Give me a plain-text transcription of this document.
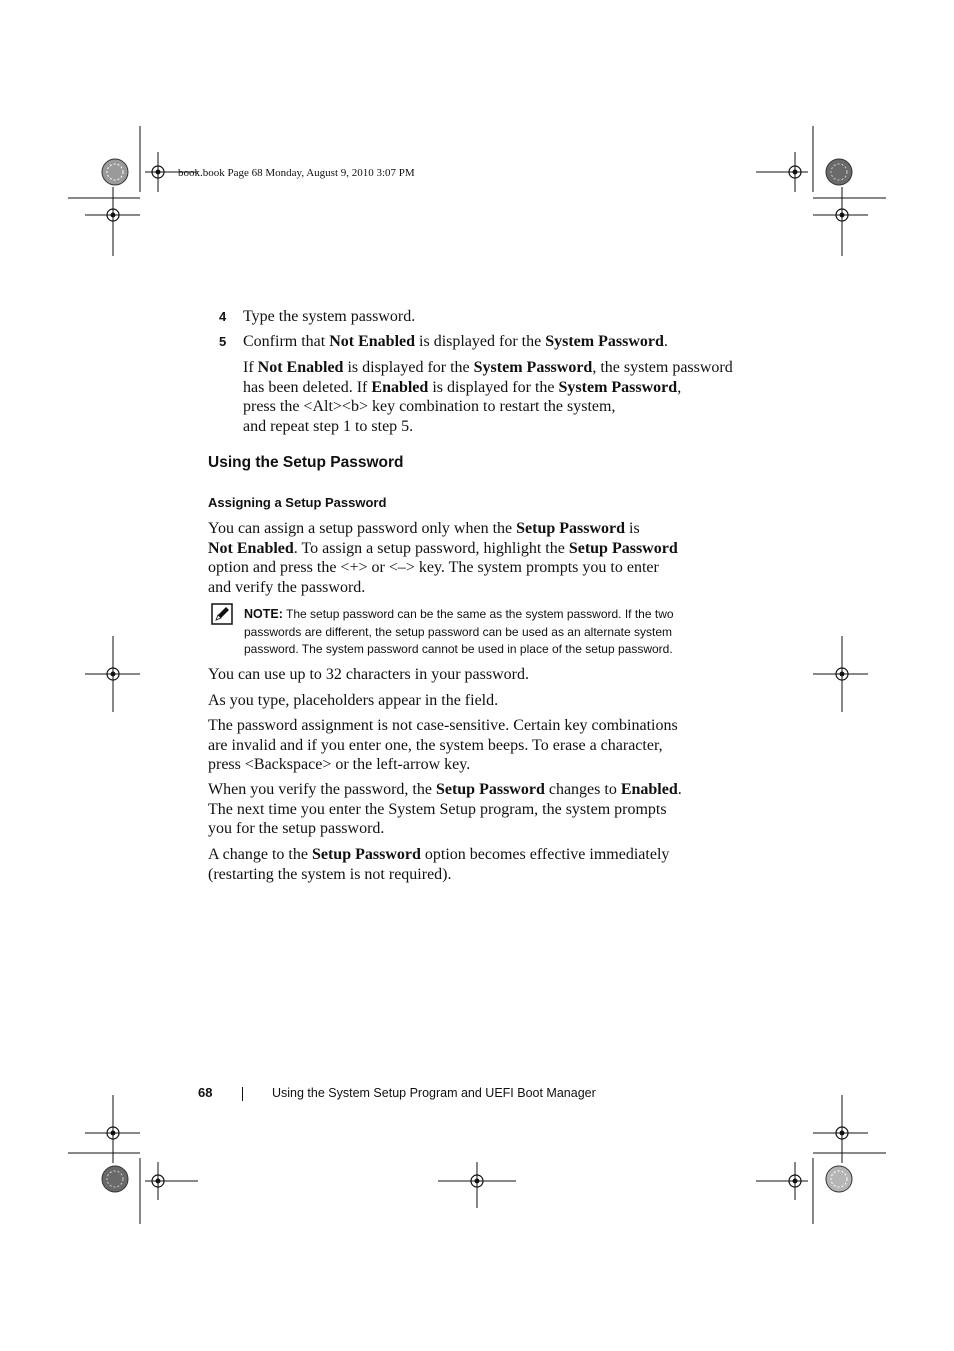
book.book Page 68 Monday, August 9, 2010 3:07 PM
4 Type the system password.
5 Confirm that Not Enabled is displayed for the System Password.
If Not Enabled is displayed for the System Password, the system password
has been deleted. If Enabled is displayed for the System Password,
press the <Alt><b> key combination to restart the system,
and repeat step 1 to step 5.
Using the Setup Password
Assigning a Setup Password
You can assign a setup password only when the Setup Password is
Not Enabled. To assign a setup password, highlight the Setup Password
option and press the <+> or <–> key. The system prompts you to enter
and verify the password.
NOTE: The setup password can be the same as the system password. If the two
passwords are different, the setup password can be used as an alternate system
password. The system password cannot be used in place of the setup password.
You can use up to 32 characters in your password.
As you type, placeholders appear in the field.
The password assignment is not case-sensitive. Certain key combinations
are invalid and if you enter one, the system beeps. To erase a character,
press <Backspace> or the left-arrow key.
When you verify the password, the Setup Password changes to Enabled.
The next time you enter the System Setup program, the system prompts
you for the setup password.
A change to the Setup Password option becomes effective immediately
(restarting the system is not required).
68	Using the System Setup Program and UEFI Boot Manager
